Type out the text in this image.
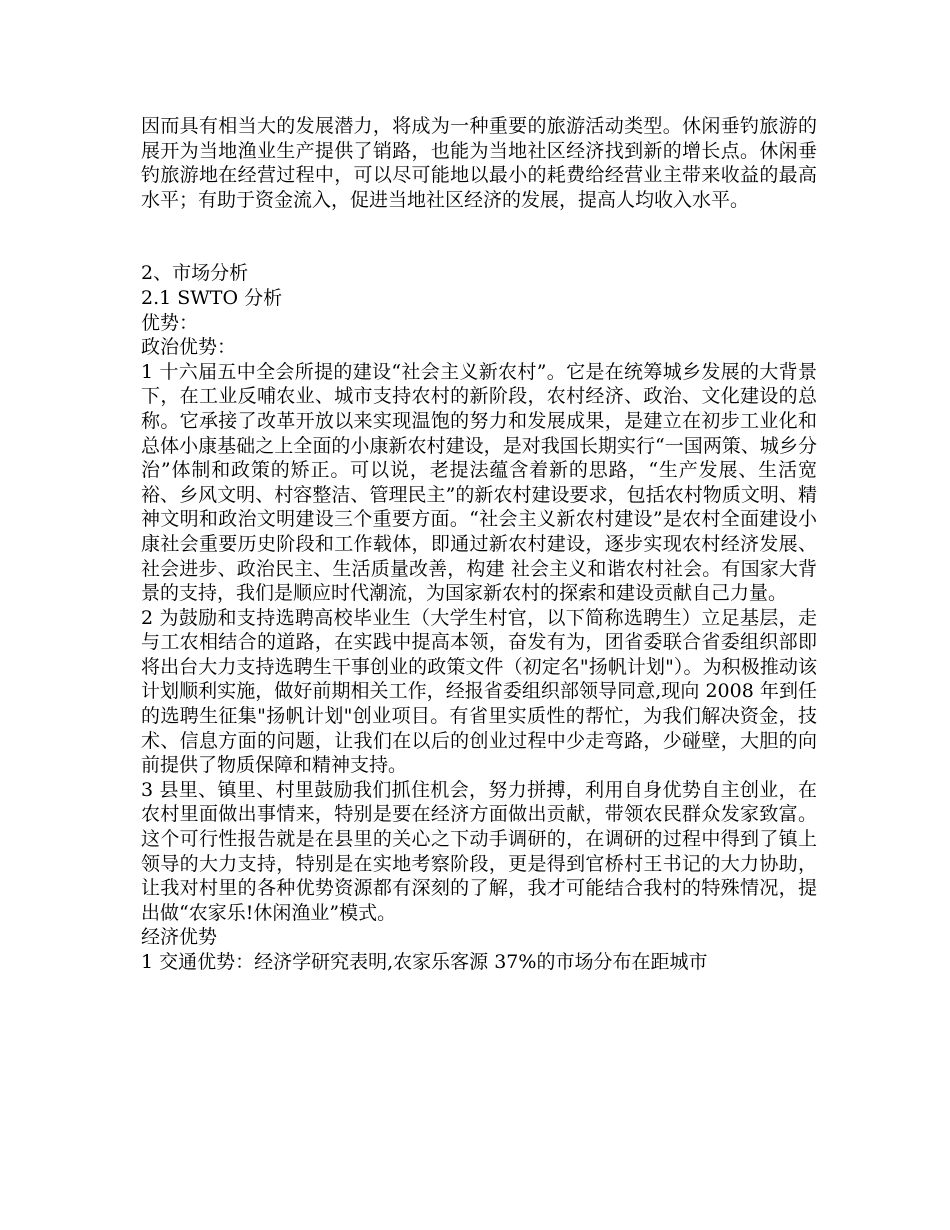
因而具有相当大的发展潜力，将成为一种重要的旅游活动类型。休闲垂钓旅游的展开为当地渔业生产提供了销路，也能为当地社区经济找到新的增长点。休闲垂钓旅游地在经营过程中，可以尽可能地以最小的耗费给经营业主带来收益的最高水平；有助于资金流入，促进当地社区经济的发展，提高人均收入水平。

2、市场分析

2.1 SWTO 分析

优势：

政治优势：

1 十六届五中全会所提的建设“社会主义新农村”。它是在统筹城乡发展的大背景下，在工业反哺农业、城市支持农村的新阶段，农村经济、政治、文化建设的总称。它承接了改革开放以来实现温饱的努力和发展成果，是建立在初步工业化和总体小康基础之上全面的小康新农村建设，是对我国长期实行“一国两策、城乡分治”体制和政策的矫正。可以说，老提法蕴含着新的思路，“生产发展、生活宽裕、乡风文明、村容整洁、管理民主”的新农村建设要求，包括农村物质文明、精神文明和政治文明建设三个重要方面。“社会主义新农村建设”是农村全面建设小康社会重要历史阶段和工作载体，即通过新农村建设，逐步实现农村经济发展、社会进步、政治民主、生活质量改善，构建 社会主义和谐农村社会。有国家大背景的支持，我们是顺应时代潮流，为国家新农村的探索和建设贡献自己力量。

2 为鼓励和支持选聘高校毕业生（大学生村官，以下简称选聘生）立足基层，走与工农相结合的道路，在实践中提高本领，奋发有为，团省委联合省委组织部即将出台大力支持选聘生干事创业的政策文件（初定名"扬帆计划"）。为积极推动该计划顺利实施，做好前期相关工作，经报省委组织部领导同意,现向 2008 年到任的选聘生征集"扬帆计划"创业项目。有省里实质性的帮忙，为我们解决资金，技术、信息方面的问题，让我们在以后的创业过程中少走弯路，少碰壁，大胆的向前提供了物质保障和精神支持。

3 县里、镇里、村里鼓励我们抓住机会，努力拼搏，利用自身优势自主创业，在农村里面做出事情来，特别是要在经济方面做出贡献，带领农民群众发家致富。这个可行性报告就是在县里的关心之下动手调研的，在调研的过程中得到了镇上领导的大力支持，特别是在实地考察阶段，更是得到官桥村王书记的大力协助，让我对村里的各种优势资源都有深刻的了解，我才可能结合我村的特殊情况，提出做“农家乐!休闲渔业”模式。

经济优势

1 交通优势：经济学研究表明,农家乐客源 37%的市场分布在距城市
